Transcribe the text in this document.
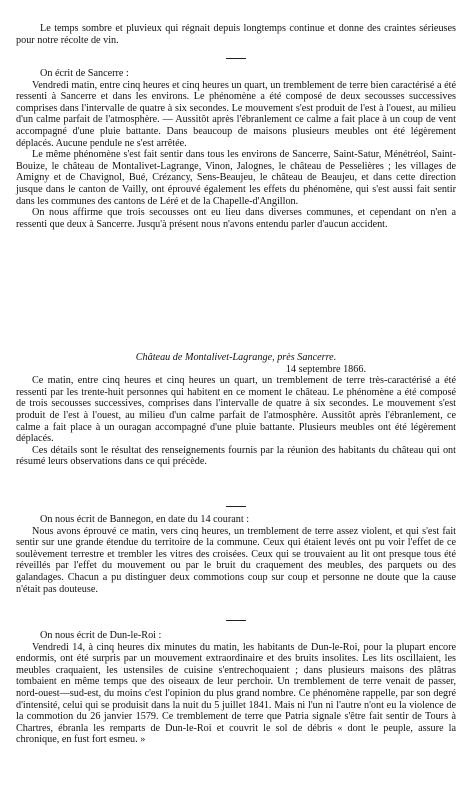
Le temps sombre et pluvieux qui régnait depuis longtemps continue et donne des craintes sérieuses pour notre récolte de vin.

On écrit de Sancerre :

Vendredi matin, entre cinq heures et cinq heures un quart, un tremblement de terre bien caractérisé a été ressenti à Sancerre et dans les environs. Le phénomène a été composé de deux secousses successives comprises dans l'intervalle de quatre à six secondes. Le mouvement s'est produit de l'est à l'ouest, au milieu d'un calme parfait de l'atmosphère. — Aussitôt après l'ébranlement ce calme a fait place à un coup de vent accompagné d'une pluie battante. Dans beaucoup de maisons plusieurs meubles ont été légèrement déplacés. Aucune pendule ne s'est arrêtée.

Le même phénomène s'est fait sentir dans tous les environs de Sancerre, Saint-Satur, Ménétréol, Saint-Bouize, le château de Montalivet-Lagrange, Vinon, Jalognes, le château de Pesselières ; les villages de Amigny et de Chavignol, Bué, Crézancy, Sens-Beaujeu, le château de Beaujeu, et dans cette direction jusque dans le canton de Vailly, ont éprouvé également les effets du phénomène, qui s'est aussi fait sentir dans les communes des cantons de Léré et de la Chapelle-d'Angillon.

On nous affirme que trois secousses ont eu lieu dans diverses communes, et cependant on n'en a ressenti que deux à Sancerre. Jusqu'à présent nous n'avons entendu parler d'aucun accident.

Château de Montalivet-Lagrange, près Sancerre.

14 septembre 1866.

Ce matin, entre cinq heures et cinq heures un quart, un tremblement de terre très-caractérisé a été ressenti par les trente-huit personnes qui habitent en ce moment le château. Le phénomène a été composé de trois secousses successives, comprises dans l'intervalle de quatre à six secondes. Le mouvement s'est produit de l'est à l'ouest, au milieu d'un calme parfait de l'atmosphère. Aussitôt après l'ébranlement, ce calme a fait place à un ouragan accompagné d'une pluie battante. Plusieurs meubles ont été légèrement déplacés.

Ces détails sont le résultat des renseignements fournis par la réunion des habitants du château qui ont résumé leurs observations dans ce qui précède.

On nous écrit de Bannegon, en date du 14 courant :

Nous avons éprouvé ce matin, vers cinq heures, un tremblement de terre assez violent, et qui s'est fait sentir sur une grande étendue du territoire de la commune. Ceux qui étaient levés ont pu voir l'effet de ce soulèvement terrestre et trembler les vitres des croisées. Ceux qui se trouvaient au lit ont presque tous été réveillés par l'effet du mouvement ou par le bruit du craquement des meubles, des parquets ou des galandages. Chacun a pu distinguer deux commotions coup sur coup et personne ne doute que la cause n'était pas douteuse.

On nous écrit de Dun-le-Roi :

Vendredi 14, à cinq heures dix minutes du matin, les habitants de Dun-le-Roi, pour la plupart encore endormis, ont été surpris par un mouvement extraordinaire et des bruits insolites. Les lits oscillaient, les meubles craquaient, les ustensiles de cuisine s'entrechoquaient ; dans plusieurs maisons des plâtras tombaient en même temps que des oiseaux de leur perchoir. Un tremblement de terre venait de passer, nord-ouest—sud-est, du moins c'est l'opinion du plus grand nombre. Ce phénomène rappelle, par son degré d'intensité, celui qui se produisit dans la nuit du 5 juillet 1841. Mais ni l'un ni l'autre n'ont eu la violence de la commotion du 26 janvier 1579. Ce tremblement de terre que Patria signale s'être fait sentir de Tours à Chartres, ébranla les remparts de Dun-le-Roi et couvrit le sol de débris « dont le peuple, assure la chronique, en fust fort esmeu. »
